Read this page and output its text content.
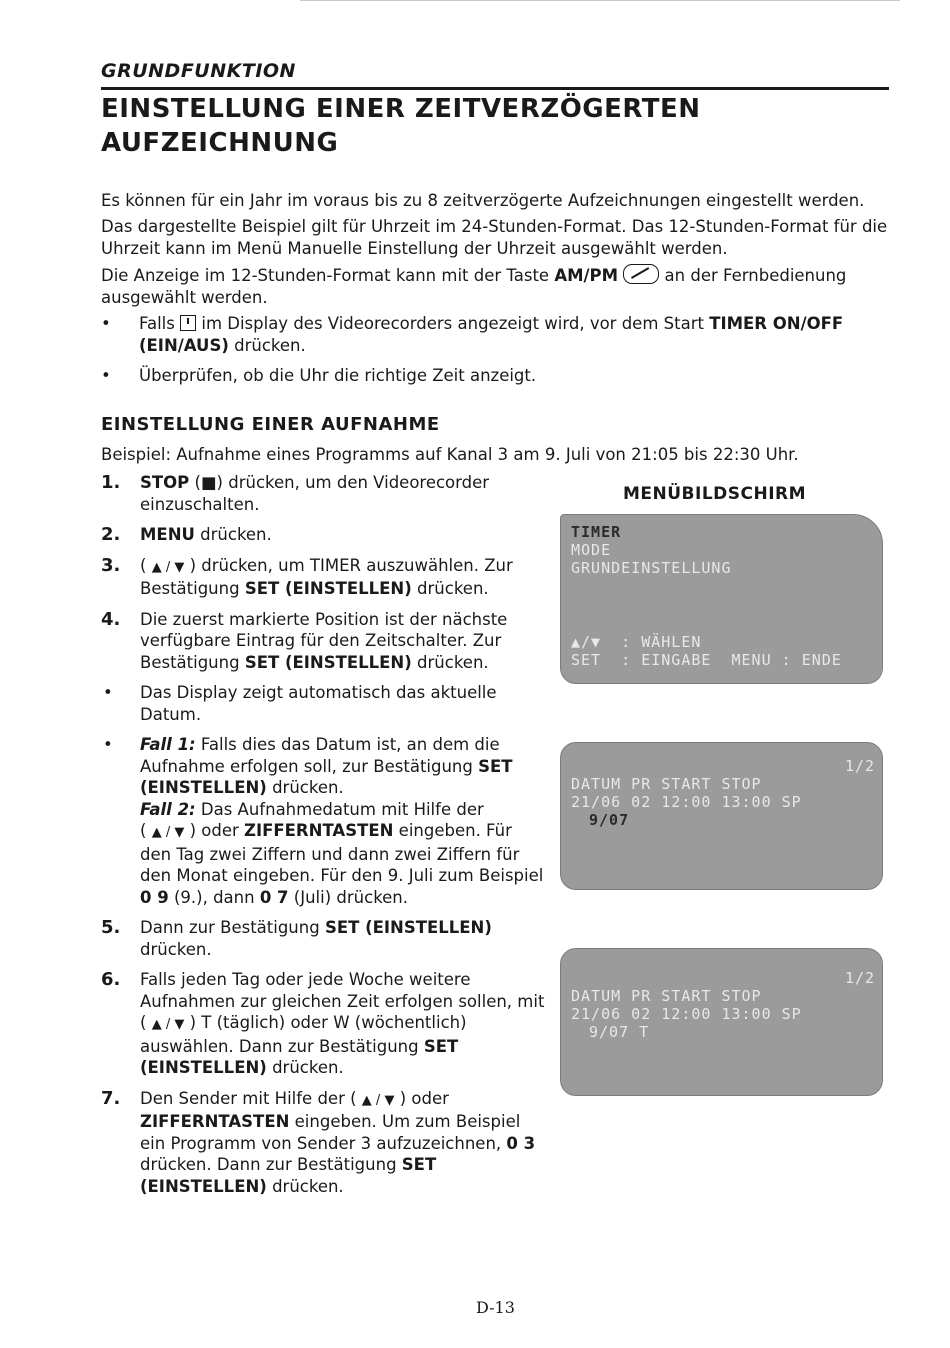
GRUNDFUNKTION
EINSTELLUNG EINER ZEITVERZÖGERTEN AUFZEICHNUNG

Es können für ein Jahr im voraus bis zu 8 zeitverzögerte Aufzeichnungen eingestellt werden.

Das dargestellte Beispiel gilt für Uhrzeit im 24-Stunden-Format. Das 12-Stunden-Format für die Uhrzeit kann im Menü Manuelle Einstellung der Uhrzeit ausgewählt werden.

Die Anzeige im 12-Stunden-Format kann mit der Taste AM/PM	an der Fernbedienung ausgewählt werden.

• Falls  im Display des Videorecorders angezeigt wird, vor dem Start TIMER ON/OFF (EIN/AUS) drücken.
• Überprüfen, ob die Uhr die richtige Zeit anzeigt.
EINSTELLUNG EINER AUFNAHME
Beispiel: Aufnahme eines Programms auf Kanal 3 am 9. Juli von 21:05 bis 22:30 Uhr.
1. STOP (■) drücken, um den Videorecorder einzuschalten.
2. MENU drücken.
3. ( ▲ / ▼ ) drücken, um TIMER auszuwählen. Zur Bestätigung SET (EINSTELLEN) drücken.
4. Die zuerst markierte Position ist der nächste verfügbare Eintrag für den Zeitschalter. Zur Bestätigung SET (EINSTELLEN) drücken.
• Das Display zeigt automatisch das aktuelle Datum.
• Fall 1: Falls dies das Datum ist, an dem die Aufnahme erfolgen soll, zur Bestätigung SET (EINSTELLEN) drücken.
Fall 2: Das Aufnahmedatum mit Hilfe der
( ▲ / ▼ ) oder ZIFFERNTASTEN eingeben. Für den Tag zwei Ziffern und dann zwei Ziffern für den Monat eingeben. Für den 9. Juli zum Beispiel 0 9 (9.), dann 0 7 (Juli) drücken.
5. Dann zur Bestätigung SET (EINSTELLEN) drücken.
6. Falls jeden Tag oder jede Woche weitere Aufnahmen zur gleichen Zeit erfolgen sollen, mit ( ▲ / ▼ ) T (täglich) oder W (wöchentlich) auswählen. Dann zur Bestätigung SET (EINSTELLEN) drücken.
7. Den Sender mit Hilfe der ( ▲ / ▼ ) oder ZIFFERNTASTEN eingeben. Um zum Beispiel ein Programm von Sender 3 aufzuzeichnen, 0 3 drücken. Dann zur Bestätigung SET (EINSTELLEN) drücken.
MENÜBILDSCHIRM
TIMER
MODE
GRUNDEINSTELLUNG
▲/▼  : WÄHLEN
SET  : EINGABE  MENU : ENDE
1/2
DATUM PR START STOP
21/06 02 12:00 13:00 SP
9/07
1/2
DATUM PR START STOP
21/06 02 12:00 13:00 SP
9/07 T
D-13
